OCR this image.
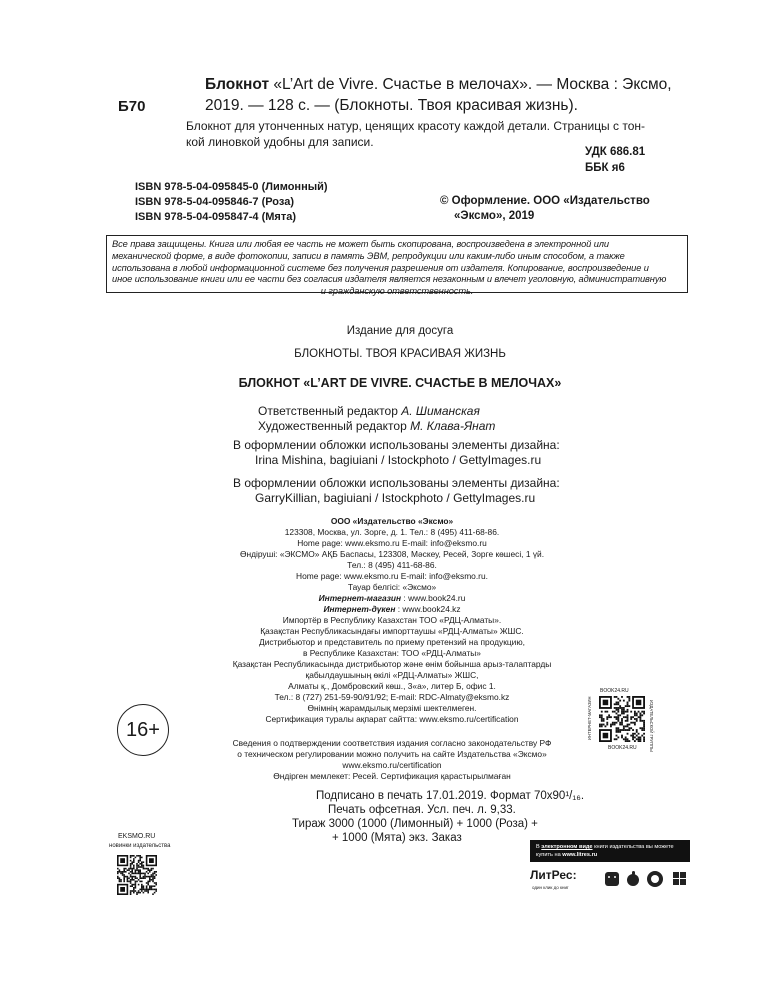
Б70
Блокнот «L’Art de Vivre. Счастье в мелочах». — Москва : Эксмо,
2019. — 128 с. — (Блокноты. Твоя красивая жизнь).
Блокнот для утонченных натур, ценящих красоту каждой детали. Страницы с тон-
кой линовкой удобны для записи.
УДК 686.81
ББК я6
ISBN 978-5-04-095845-0 (Лимонный)
ISBN 978-5-04-095846-7 (Роза)
ISBN 978-5-04-095847-4 (Мята)
© Оформление. ООО «Издательство
«Эксмо», 2019
Все права защищены. Книга или любая ее часть не может быть скопирована, воспроизведена в электронной или
механической форме, в виде фотокопии, записи в память ЭВМ, репродукции или каким-либо иным способом, а также
использована в любой информационной системе без получения разрешения от издателя. Копирование, воспроизведение и
иное использование книги или ее части без согласия издателя является незаконным и влечет уголовную, административную
и гражданскую ответственность.
Издание для досуга
БЛОКНОТЫ. ТВОЯ КРАСИВАЯ ЖИЗНЬ
БЛОКНОТ «L’ART DE VIVRE. СЧАСТЬЕ В МЕЛОЧАХ»
Ответственный редактор А. Шиманская
Художественный редактор М. Клава-Янат
В оформлении обложки использованы элементы дизайна:
Irina Mishina, bagiuiani / Istockphoto / GettyImages.ru
В оформлении обложки использованы элементы дизайна:
GarryKillian, bagiuiani / Istockphoto / GettyImages.ru
ООО «Издательство «Эксмо»
123308, Москва, ул. Зорге, д. 1. Тел.: 8 (495) 411-68-86.
Home page: www.eksmo.ru E-mail: info@eksmo.ru
Өндіруші: «ЭКСМО» АҚБ Баспасы, 123308, Мәскеу, Ресей, Зорге көшесі, 1 үй.
Тел.: 8 (495) 411-68-86.
Home page: www.eksmo.ru E-mail: info@eksmo.ru.
Тауар белгісі: «Эксмо»
Интернет-магазин : www.book24.ru
Интернет-дүкен : www.book24.kz
Импортёр в Республику Казахстан ТОО «РДЦ-Алматы».
Қазақстан Республикасындағы импорттаушы «РДЦ-Алматы» ЖШС.
Дистрибьютор и представитель по приему претензий на продукцию,
в Республике Казахстан: ТОО «РДЦ-Алматы»
Қазақстан Республикасында дистрибьютор және өнім бойынша арыз-талаптарды
қабылдаушының өкілі «РДЦ-Алматы» ЖШС,
Алматы қ., Домбровский көш., 3«а», литер Б, офис 1.
Тел.: 8 (727) 251-59-90/91/92; E-mail: RDC-Almaty@eksmo.kz
Өнімнің жарамдылық мерзімі шектелмеген.
Сертификация туралы ақпарат сайтта: www.eksmo.ru/certification
Сведения о подтверждении соответствия издания согласно законодательству РФ
о техническом регулировании можно получить на сайте Издательства «Эксмо»
www.eksmo.ru/certification
Өндірген мемлекет: Ресей. Сертификация қарастырылмаған
Подписано в печать 17.01.2019. Формат 70х90¹/₁₆.
Печать офсетная. Усл. печ. л. 9,33.
Тираж 3000 (1000 (Лимонный) + 1000 (Роза) +
+ 1000 (Мята) экз. Заказ
16+
BOOK24.RU
BOOK24.RU
ИНТЕРНЕТ-МАГАЗИН	ИЗДАТЕЛЬСКОЙ ГРУППЫ
EKSMO.RU
новинки издательства	В электронном виде книги издательства вы можете
купить на www.litres.ru
ЛитРес:
один клик до книг
